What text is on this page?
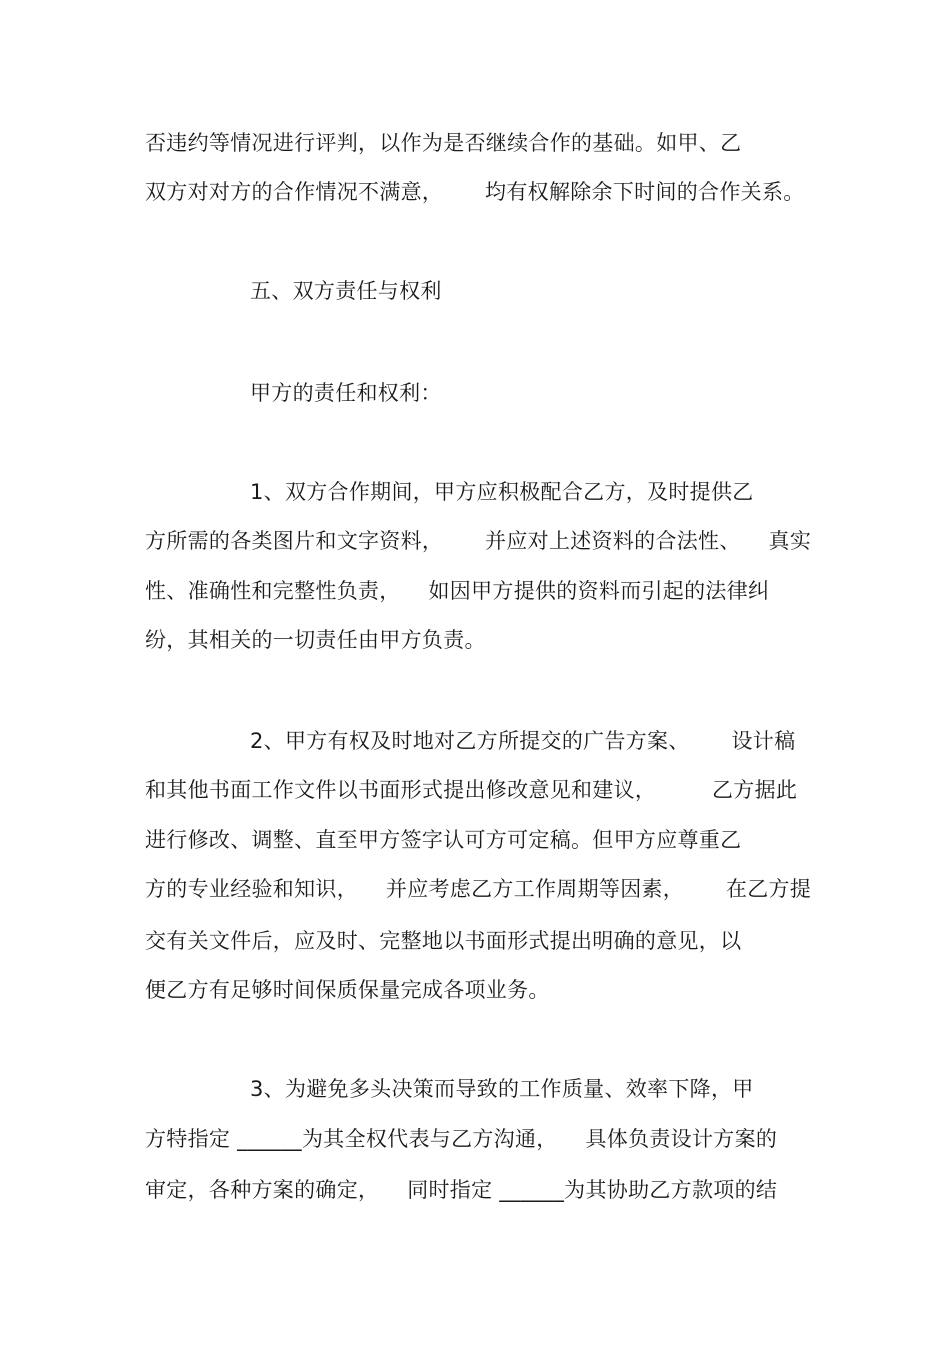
否违约等情况进行评判，以作为是否继续合作的基础。如甲、乙
双方对对方的合作情况不满意，      均有权解除余下时间的合作关系。
五、双方责任与权利
甲方的责任和权利：
1、双方合作期间，甲方应积极配合乙方，及时提供乙
方所需的各类图片和文字资料，      并应对上述资料的合法性、    真实
性、准确性和完整性负责，    如因甲方提供的资料而引起的法律纠
纷，其相关的一切责任由甲方负责。
2、甲方有权及时地对乙方所提交的广告方案、      设计稿
和其他书面工作文件以书面形式提出修改意见和建议，        乙方据此
进行修改、调整、直至甲方签字认可方可定稿。但甲方应尊重乙
方的专业经验和知识，    并应考虑乙方工作周期等因素，      在乙方提
交有关文件后，应及时、完整地以书面形式提出明确的意见，以
便乙方有足够时间保质保量完成各项业务。
3、为避免多头决策而导致的工作质量、效率下降，甲
方特指定 ______为其全权代表与乙方沟通，    具体负责设计方案的
审定，各种方案的确定，    同时指定 ______为其协助乙方款项的结
